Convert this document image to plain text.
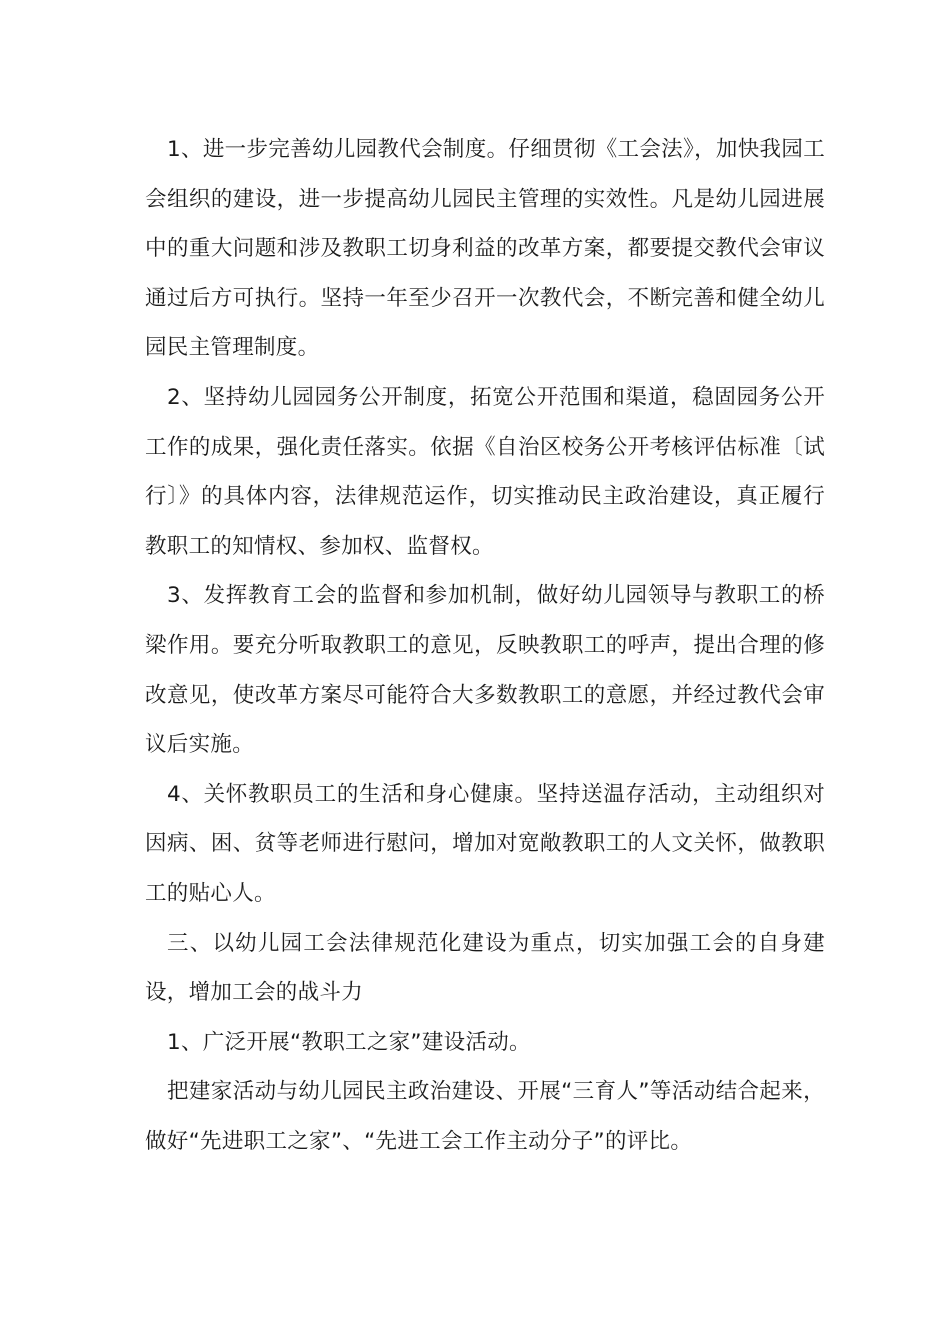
1、进一步完善幼儿园教代会制度。仔细贯彻《工会法》，加快我园工会组织的建设，进一步提高幼儿园民主管理的实效性。凡是幼儿园进展中的重大问题和涉及教职工切身利益的改革方案，都要提交教代会审议通过后方可执行。坚持一年至少召开一次教代会，不断完善和健全幼儿园民主管理制度。

2、坚持幼儿园园务公开制度，拓宽公开范围和渠道，稳固园务公开工作的成果，强化责任落实。依据《自治区校务公开考核评估标准〔试行〕》的具体内容，法律规范运作，切实推动民主政治建设，真正履行教职工的知情权、参加权、监督权。

3、发挥教育工会的监督和参加机制，做好幼儿园领导与教职工的桥梁作用。要充分听取教职工的意见，反映教职工的呼声，提出合理的修改意见，使改革方案尽可能符合大多数教职工的意愿，并经过教代会审议后实施。

4、关怀教职员工的生活和身心健康。坚持送温存活动，主动组织对因病、困、贫等老师进行慰问，增加对宽敞教职工的人文关怀，做教职工的贴心人。

三、以幼儿园工会法律规范化建设为重点，切实加强工会的自身建设，增加工会的战斗力

1、广泛开展“教职工之家”建设活动。

把建家活动与幼儿园民主政治建设、开展“三育人”等活动结合起来，做好“先进职工之家”、“先进工会工作主动分子”的评比。
